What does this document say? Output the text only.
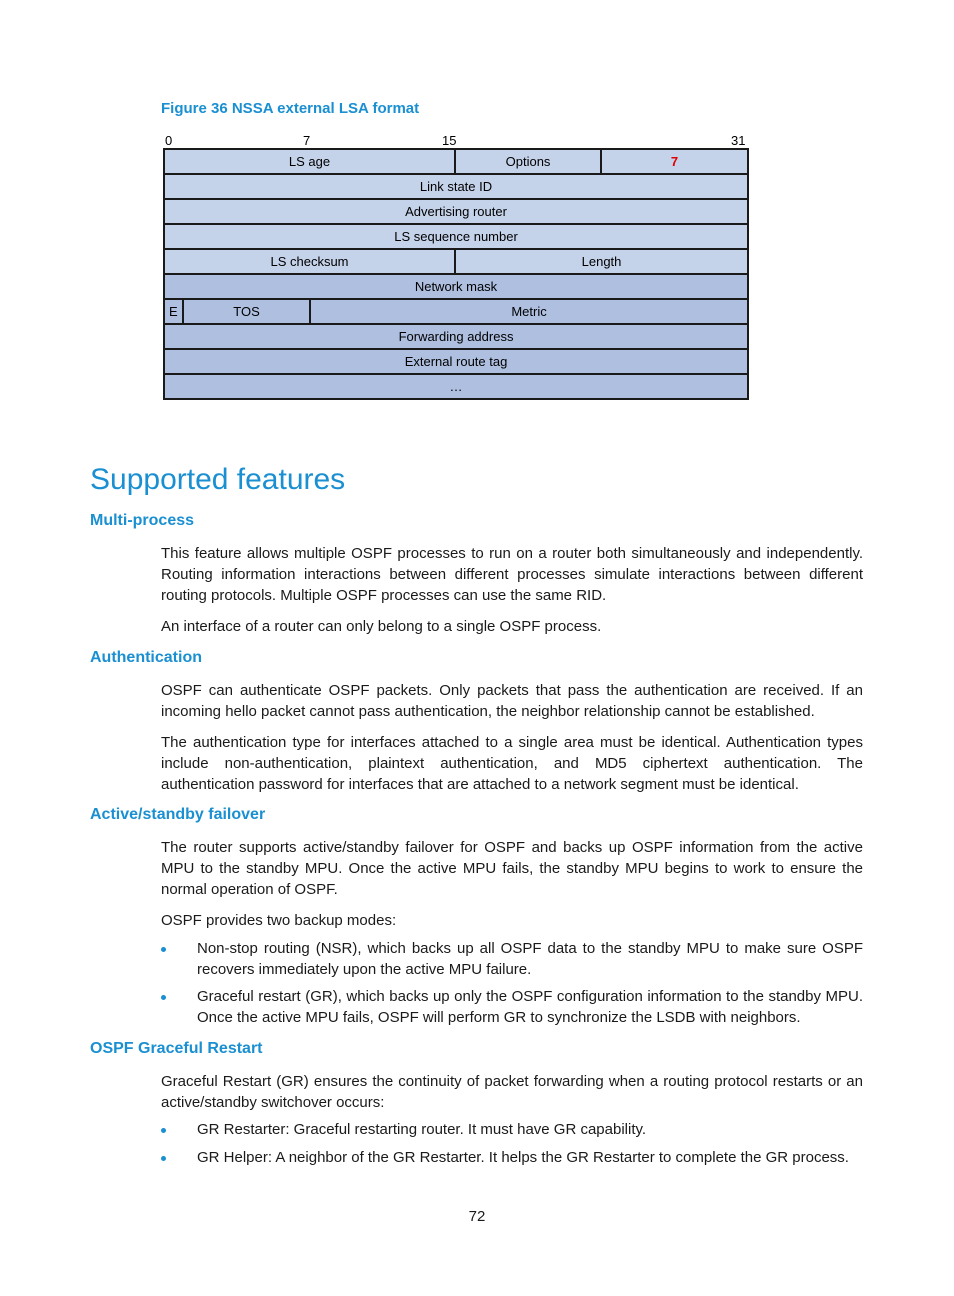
Figure 36 NSSA external LSA format
0	7	15	31
LS age			Options	7
Link state ID				
Advertising router				
LS sequence number				
LS checksum			Length	
Network mask				
E	TOS	Metric		
Forwarding address				
External route tag				
…				
Supported features
Multi-process
This feature allows multiple OSPF processes to run on a router both simultaneously and independently. Routing information interactions between different processes simulate interactions between different routing protocols. Multiple OSPF processes can use the same RID.
An interface of a router can only belong to a single OSPF process.
Authentication
OSPF can authenticate OSPF packets. Only packets that pass the authentication are received. If an incoming hello packet cannot pass authentication, the neighbor relationship cannot be established.
The authentication type for interfaces attached to a single area must be identical. Authentication types include non-authentication, plaintext authentication, and MD5 ciphertext authentication. The authentication password for interfaces that are attached to a network segment must be identical.
Active/standby failover
The router supports active/standby failover for OSPF and backs up OSPF information from the active MPU to the standby MPU. Once the active MPU fails, the standby MPU begins to work to ensure the normal operation of OSPF.
OSPF provides two backup modes:
Non-stop routing (NSR), which backs up all OSPF data to the standby MPU to make sure OSPF recovers immediately upon the active MPU failure.
Graceful restart (GR), which backs up only the OSPF configuration information to the standby MPU. Once the active MPU fails, OSPF will perform GR to synchronize the LSDB with neighbors.
OSPF Graceful Restart
Graceful Restart (GR) ensures the continuity of packet forwarding when a routing protocol restarts or an active/standby switchover occurs:
GR Restarter: Graceful restarting router. It must have GR capability.
GR Helper: A neighbor of the GR Restarter. It helps the GR Restarter to complete the GR process.
72
